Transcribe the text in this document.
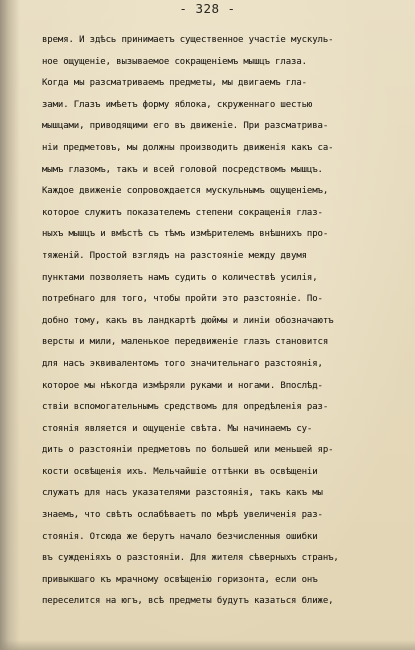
- 328 -
время. И здѣсь принимаетъ существенное участіе мускуль-
ное ощущеніе, вызываемое сокращеніемъ мышцъ глаза.
Когда мы разсматриваемъ предметы, мы двигаемъ гла-
зами. Глазъ имѣетъ форму яблока, скруженнаго шестью
мышцами, приводящими его въ движеніе. При разсматрива-
ніи предметовъ, мы должны производить движенія какъ са-
мымъ глазомъ, такъ и всей головой посредствомъ мышцъ.
Каждое движеніе сопровождается мускульнымъ ощущеніемъ,
которое служитъ показателемъ степени сокращенія глаз-
ныхъ мышцъ и вмѣстѣ съ тѣмъ измѣрителемъ внѣшнихъ про-
тяженій. Простой взглядъ на разстояніе между двумя
пунктами позволяетъ намъ судить о количествѣ усилія,
потребнаго для того, чтобы пройти это разстояніе. По-
добно тому, какъ въ ландкартѣ дюймы и линіи обозначаютъ
версты и мили, маленькое передвиженіе глазъ становится
для насъ эквивалентомъ того значительнаго разстоянія,
которое мы нѣкогда измѣряли руками и ногами. Впослѣд-
ствіи вспомогательнымъ средствомъ для опредѣленія раз-
стоянія является и ощущеніе свѣта. Мы начинаемъ су-
дить о разстояніи предметовъ по большей или меньшей яр-
кости освѣщенія ихъ. Мельчайшіе оттѣнки въ освѣщеніи
служатъ для насъ указателями разстоянія, такъ какъ мы
знаемъ, что свѣтъ ослабѣваетъ по мѣрѣ увеличенія раз-
стоянія. Отсюда же берутъ начало безчисленныя ошибки
въ сужденіяхъ о разстояніи. Для жителя сѣверныхъ странъ,
привыкшаго къ мрачному освѣщенію горизонта, если онъ
переселится на югъ, всѣ предметы будутъ казаться ближе,
